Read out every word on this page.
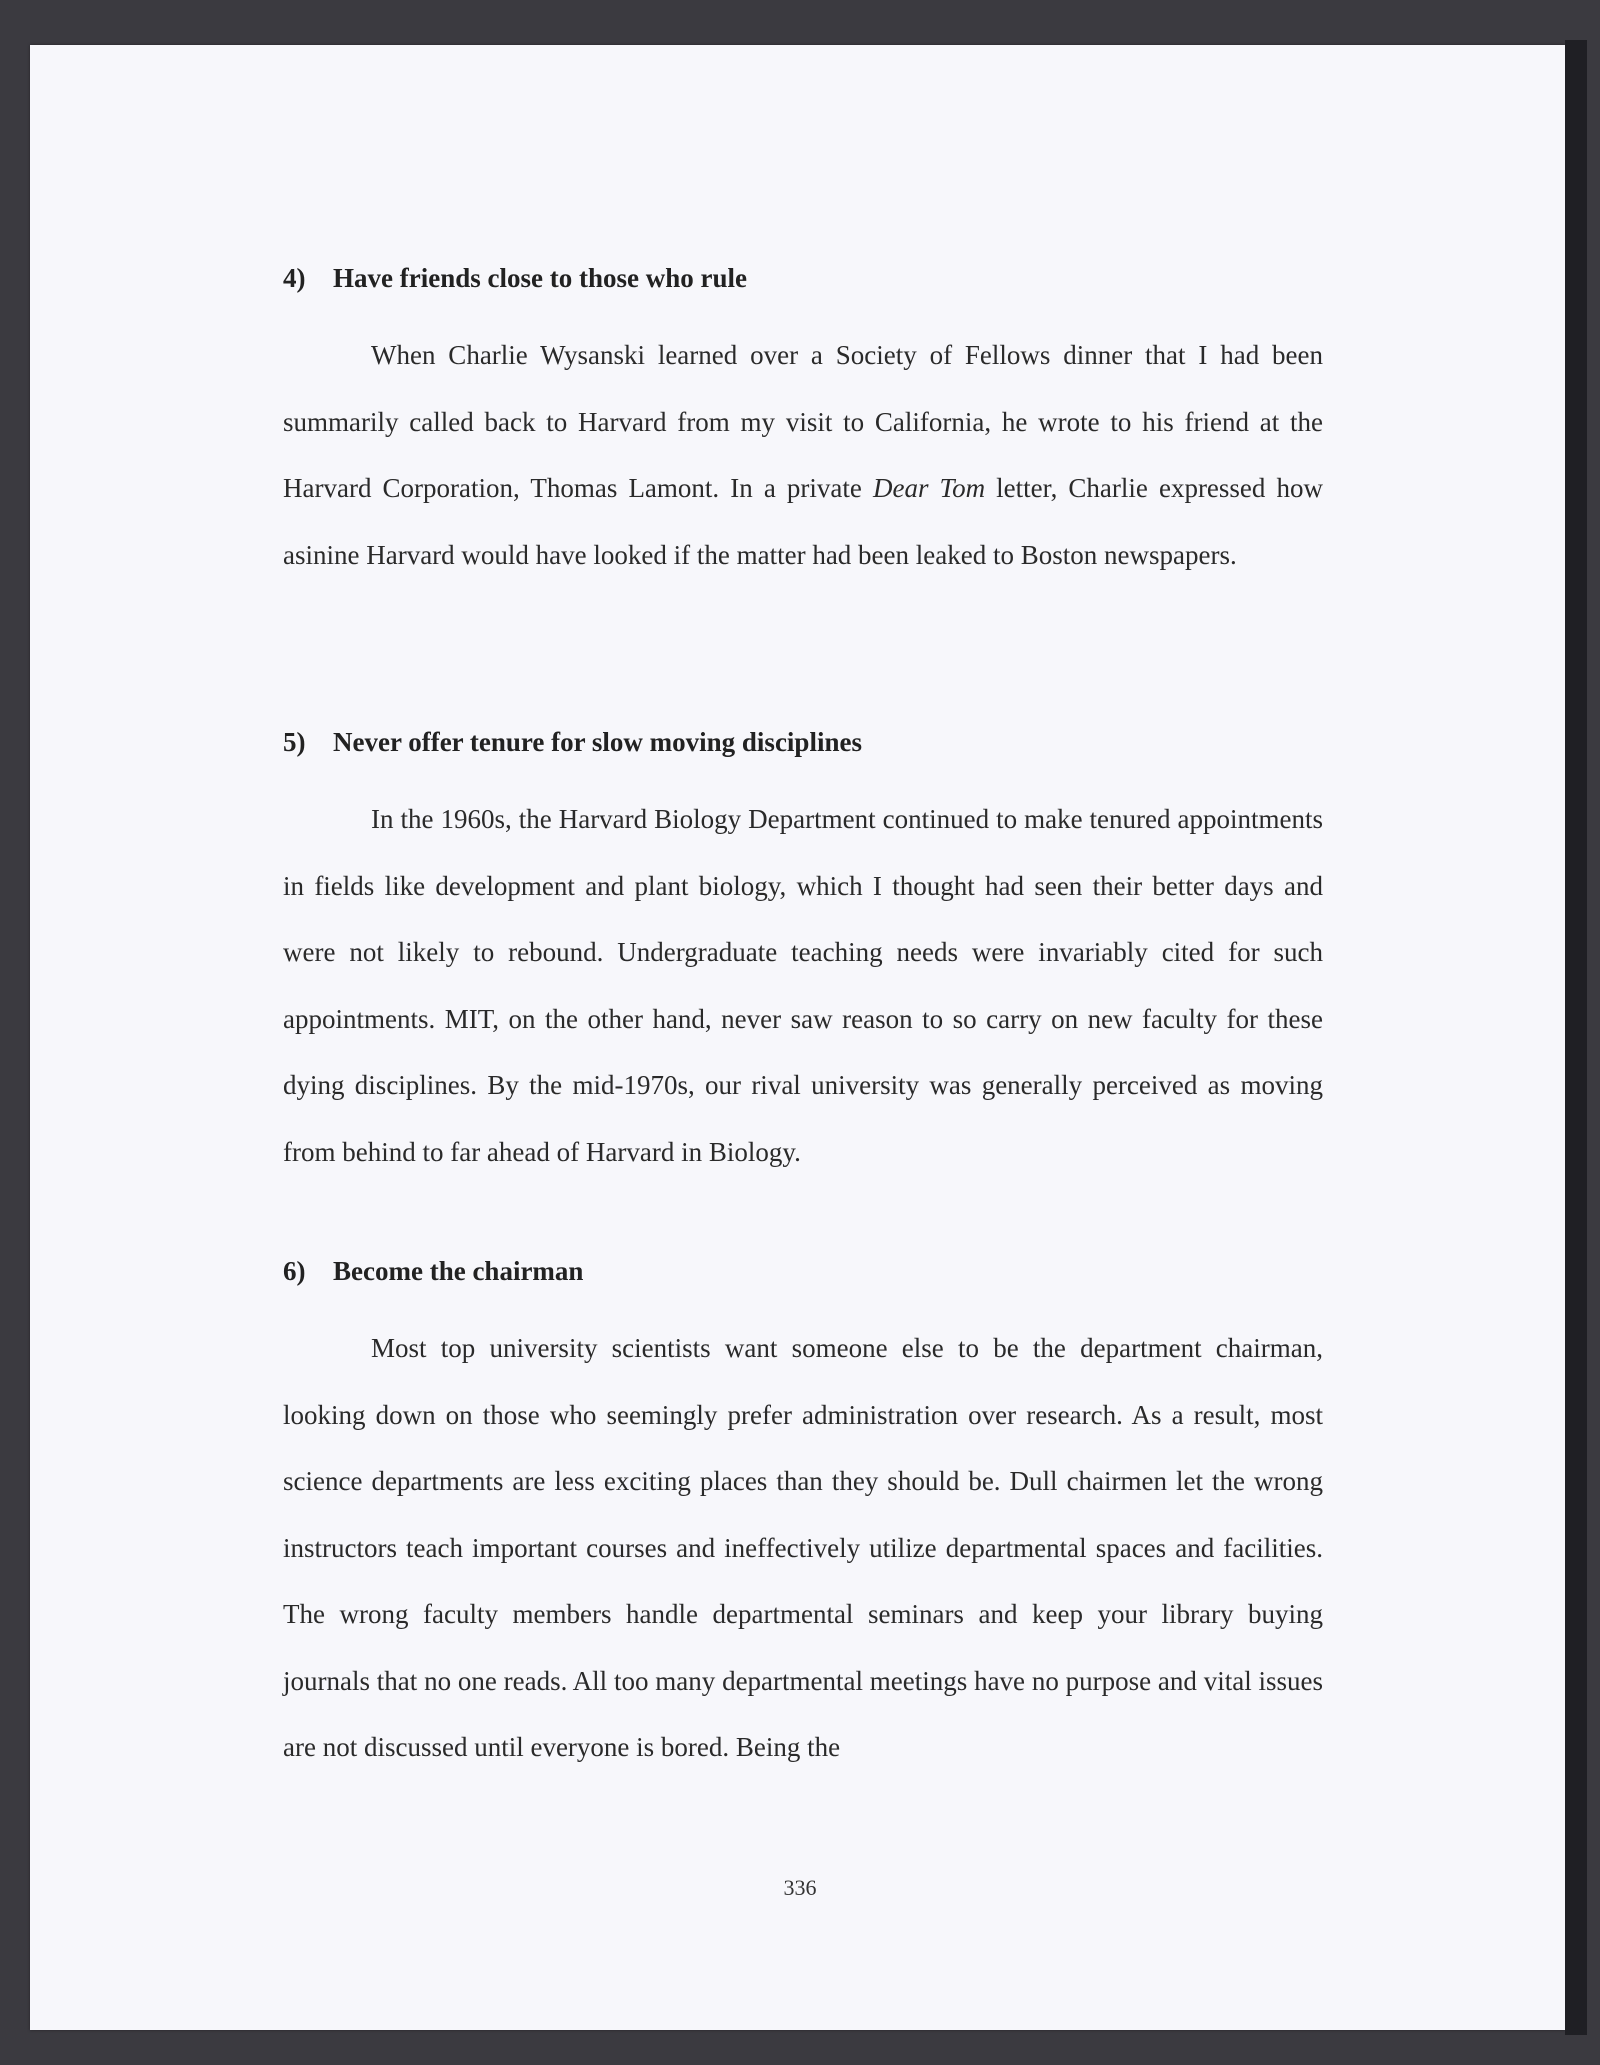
4) Have friends close to those who rule

When Charlie Wysanski learned over a Society of Fellows dinner that I had been summarily called back to Harvard from my visit to California, he wrote to his friend at the Harvard Corporation, Thomas Lamont. In a private Dear Tom letter, Charlie expressed how asinine Harvard would have looked if the matter had been leaked to Boston newspapers.

5) Never offer tenure for slow moving disciplines

In the 1960s, the Harvard Biology Department continued to make tenured appointments in fields like development and plant biology, which I thought had seen their better days and were not likely to rebound. Undergraduate teaching needs were invariably cited for such appointments. MIT, on the other hand, never saw reason to so carry on new faculty for these dying disciplines. By the mid-1970s, our rival university was generally perceived as moving from behind to far ahead of Harvard in Biology.

6) Become the chairman

Most top university scientists want someone else to be the department chairman, looking down on those who seemingly prefer administration over research. As a result, most science departments are less exciting places than they should be. Dull chairmen let the wrong instructors teach important courses and ineffectively utilize departmental spaces and facilities. The wrong faculty members handle departmental seminars and keep your library buying journals that no one reads. All too many departmental meetings have no purpose and vital issues are not discussed until everyone is bored. Being the

336
